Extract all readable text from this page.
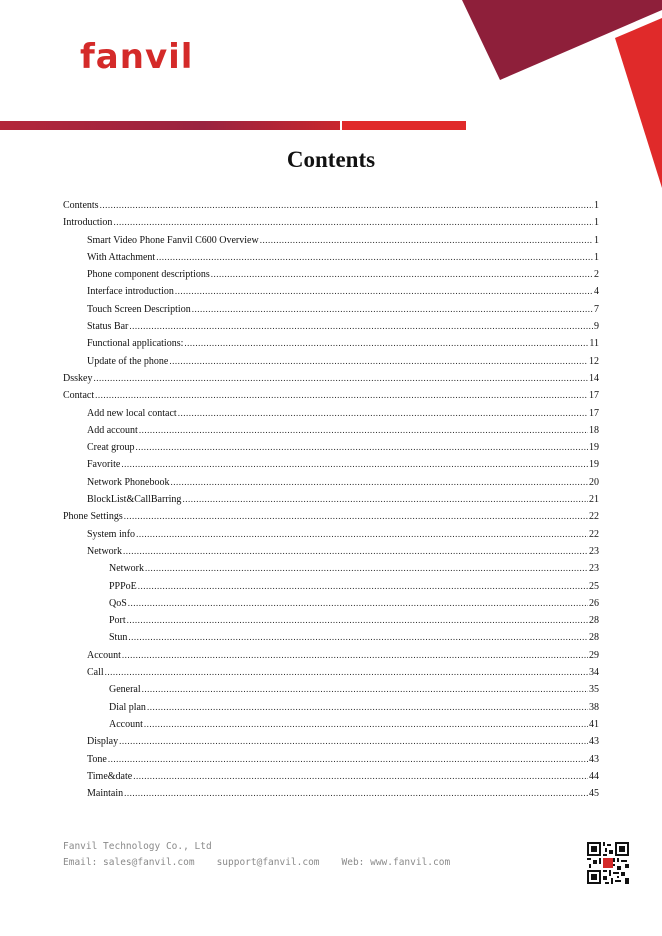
fanvil
Contents
Contents .....	1
Introduction .....	1
Smart Video Phone Fanvil C600 Overview .....	1
With Attachment .....	1
Phone component descriptions .....	2
Interface introduction .....	4
Touch Screen Description .....	7
Status Bar .....	9
Functional applications: .....	11
Update of the phone .....	12
Dsskey .....	14
Contact .....	17
Add new local contact .....	17
Add account .....	18
Creat group .....	19
Favorite .....	19
Network Phonebook .....	20
BlockList&CallBarring .....	21
Phone Settings .....	22
System info .....	22
Network .....	23
Network .....	23
PPPoE .....	25
QoS .....	26
Port .....	28
Stun .....	28
Account .....	29
Call .....	34
General .....	35
Dial plan .....	38
Account .....	41
Display .....	43
Tone .....	43
Time&date .....	44
Maintain .....	45
Fanvil Technology Co., Ltd
Email: sales@fanvil.com support@fanvil.com Web: www.fanvil.com
